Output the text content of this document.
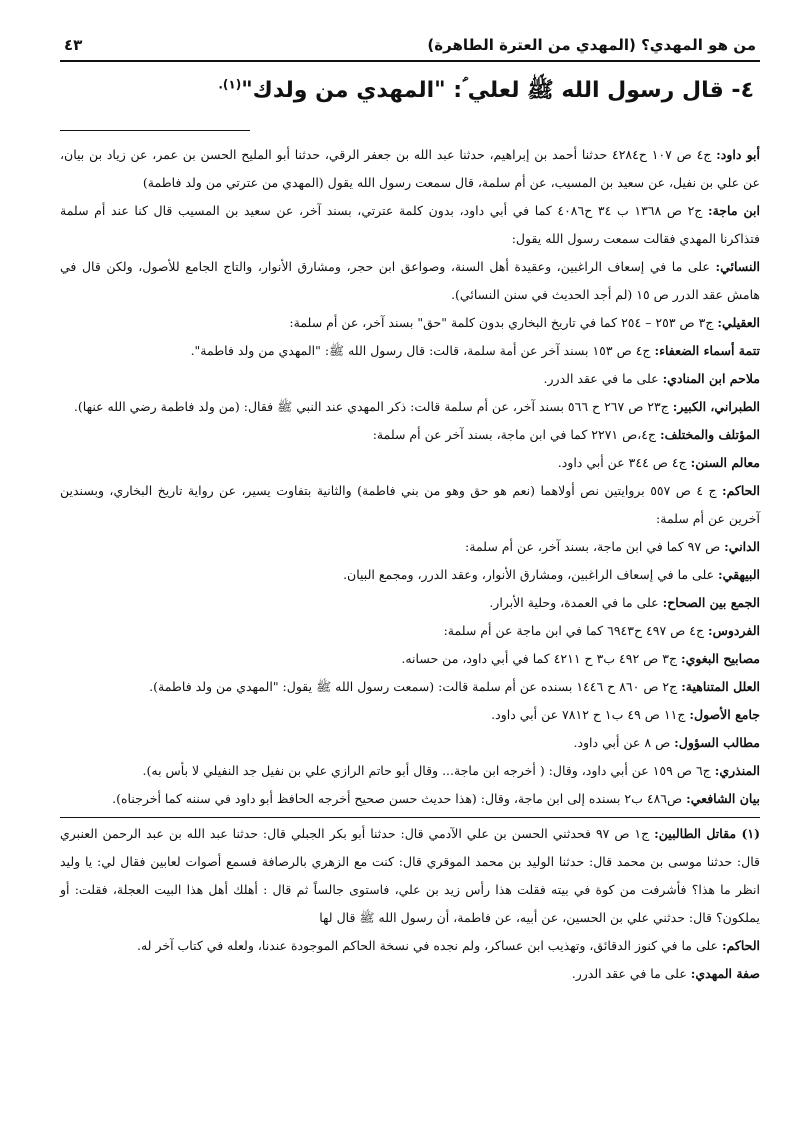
من هو المهدي؟ (المهدي من العترة الطاهرة)
٤٣
٤- قال رسول الله ﷺ لعلي ؑ: "المهدي من ولدك"$^{(١).}$

أبو داود: ج٤ ص ١٠٧ ح٤٢٨٤ حدثنا أحمد بن إبراهيم، حدثنا عبد الله بن جعفر الرقي، حدثنا أبو المليح الحسن بن عمر، عن زياد بن بيان، عن علي بن نفيل، عن سعيد بن المسيب، عن أم سلمة، قال سمعت رسول الله يقول (المهدي من عترتي من ولد فاطمة)

ابن ماجة: ج٢ ص ١٣٦٨ ب ٣٤ ح٤٠٨٦ كما في أبي داود، بدون كلمة عترتي، بسند آخر، عن سعيد بن المسيب قال كنا عند أم سلمة فتذاكرنا المهدي فقالت سمعت رسول الله يقول:

النسائي: على ما في إسعاف الراغبين، وعقيدة أهل السنة، وصواعق ابن حجر، ومشارق الأنوار، والتاج الجامع للأصول، ولكن قال في هامش عقد الدرر ص ١٥ (لم أجد الحديث في سنن النسائي).

العقيلي: ج٣ ص ٢٥٣ – ٢٥٤ كما في تاريخ البخاري بدون كلمة "حق" بسند آخر، عن أم سلمة:

تتمة أسماء الضعفاء: ج٤ ص ١٥٣ بسند آخر عن أمة سلمة، قالت: قال رسول الله ﷺ: "المهدي من ولد فاطمة".

ملاحم ابن المنادي: على ما في عقد الدرر.

الطبراني، الكبير: ج٢٣ ص ٢٦٧ ح ٥٦٦ بسند آخر، عن أم سلمة قالت: ذكر المهدي عند النبي ﷺ فقال: (من ولد فاطمة رضي الله عنها).

المؤتلف والمختلف: ج٤،ص ٢٢٧١ كما في ابن ماجة، بسند آخر عن أم سلمة:

معالم السنن: ج٤ ص ٣٤٤ عن أبي داود.

الحاكم: ج ٤ ص ٥٥٧ بروايتين نص أولاهما (نعم هو حق وهو من بني فاطمة) والثانية بتفاوت يسير، عن رواية تاريخ البخاري، وبسندين آخرين عن أم سلمة:

الداني: ص ٩٧ كما في ابن ماجة، بسند آخر، عن أم سلمة:

البيهقي: على ما في إسعاف الراغبين، ومشارق الأنوار، وعقد الدرر، ومجمع البيان.

الجمع بين الصحاح: على ما في العمدة، وحلية الأبرار.

الفردوس: ج٤ ص ٤٩٧ ح٦٩٤٣ كما في ابن ماجة عن أم سلمة:

مصابيح البغوي: ج٣ ص ٤٩٢ ب٣ ح ٤٢١١ كما في أبي داود، من حسانه.

العلل المتناهية: ج٢ ص ٨٦٠ ح ١٤٤٦ بسنده عن أم سلمة قالت: (سمعت رسول الله ﷺ يقول: "المهدي من ولد فاطمة).

جامع الأصول: ج١١ ص ٤٩ ب١ ح ٧٨١٢ عن أبي داود.

مطالب السؤول: ص ٨ عن أبي داود.

المنذري: ج٦ ص ١٥٩ عن أبي داود، وقال: ( أخرجه ابن ماجة... وقال أبو حاتم الرازي علي بن نفيل جد النفيلي لا بأس به).

بيان الشافعي: ص٤٨٦ ب٢ بسنده إلى ابن ماجة، وقال: (هذا حديث حسن صحيح أخرجه الحافظ أبو داود في سننه كما أخرجناه).

(١) مقاتل الطالبين: ج١ ص ٩٧ فحدثني الحسن بن علي الآدمي قال: حدثنا أبو بكر الجبلي قال: حدثنا عبد الله بن عبد الرحمن العنبري قال: حدثنا موسى بن محمد قال: حدثنا الوليد بن محمد الموقري قال: كنت مع الزهري بالرصافة فسمع أصوات لعابين فقال لي: يا وليد انظر ما هذا؟ فأشرفت من كوة في بيته فقلت هذا رأس زيد بن علي، فاستوى جالساً ثم قال : أهلك أهل هذا البيت العجلة، فقلت: أو يملكون؟ قال: حدثني علي بن الحسين، عن أبيه، عن فاطمة، أن رسول الله ﷺ قال لها

الحاكم: على ما في كنوز الدقائق، وتهذيب ابن عساكر، ولم نجده في نسخة الحاكم الموجودة عندنا، ولعله في كتاب آخر له.

صفة المهدي: على ما في عقد الدرر.
